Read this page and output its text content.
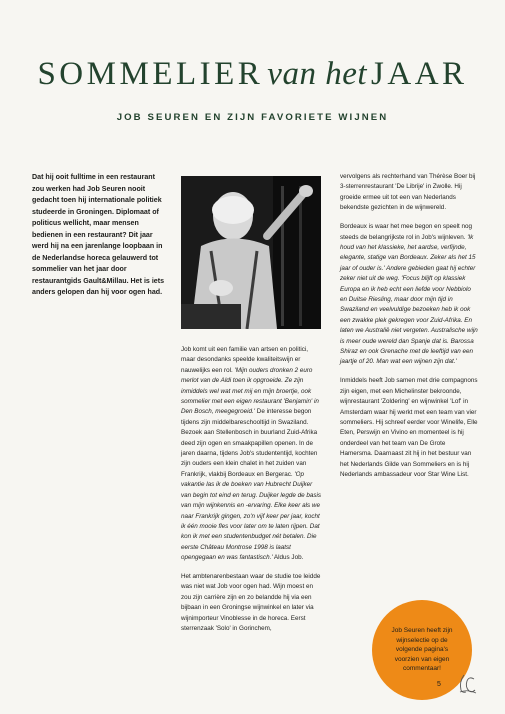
SOMMELIER van het JAAR
JOB SEUREN EN ZIJN FAVORIETE WIJNEN
Dat hij ooit fulltime in een restaurant zou werken had Job Seuren nooit gedacht toen hij internationale politiek studeerde in Groningen. Diplomaat of politicus wellicht, maar mensen bedienen in een restaurant? Dit jaar werd hij na een jarenlange loopbaan in de Nederlandse horeca gelauwerd tot sommelier van het jaar door restaurantgids Gault&Millau. Het is iets anders gelopen dan hij voor ogen had.

Job komt uit een familie van artsen en politici, maar desondanks speelde kwaliteitswijn er nauwelijks een rol. 'Mijn ouders dronken 2 euro merlot van de Aldi toen ik opgroeide. Ze zijn inmiddels wel wat met mij en mijn broertje, ook sommelier met een eigen restaurant 'Benjamin' in Den Bosch, meegegroeid.' De interesse begon tijdens zijn middelbareschooltijd in Swaziland. Bezoek aan Stellenbosch in buurland Zuid-Afrika deed zijn ogen en smaakpapillen openen. In de jaren daarna, tijdens Job's studententijd, kochten zijn ouders een klein chalet in het zuiden van Frankrijk, vlakbij Bordeaux en Bergerac. 'Op vakantie las ik de boeken van Hubrecht Duijker van begin tot eind en terug. Duijker legde de basis van mijn wijnkennis en -ervaring. Elke keer als we naar Frankrijk gingen, zo'n vijf keer per jaar, kocht ik één mooie fles voor later om te laten rijpen. Dat kon ik met een studentenbudget nét betalen. Die eerste Château Montrose 1998 is laatst opengegaan en was fantastisch.' Aldus Job.

Het ambtenarenbestaan waar de studie toe leidde was niet wat Job voor ogen had. Wijn moest en zou zijn carrière zijn en zo belandde hij via een bijbaan in een Groningse wijnwinkel en later via wijnimporteur Vinoblesse in de horeca. Eerst sterrenzaak 'Solo' in Gorinchem,

vervolgens als rechterhand van Thérèse Boer bij 3-sterrenrestaurant 'De Librije' in Zwolle. Hij groeide ermee uit tot een van Nederlands bekendste gezichten in de wijnwereld.

Bordeaux is waar het mee begon en speelt nog steeds de belangrijkste rol in Job's wijnleven. 'Ik houd van het klassieke, het aardse, verfijnde, elegante, statige van Bordeaux. Zeker als het 15 jaar of ouder is.' Andere gebieden gaat hij echter zeker niet uit de weg. 'Focus blijft op klassiek Europa en ik heb echt een liefde voor Nebbiolo en Duitse Riesling, maar door mijn tijd in Swaziland en veelvuldige bezoeken heb ik ook een zwakke plek gekregen voor Zuid-Afrika. En laten we Australië niet vergeten. Australische wijn is meer oude wereld dan Spanje dat is. Barossa Shiraz en ook Grenache met de leeftijd van een jaartje of 20. Man wat een wijnen zijn dat.'

Inmiddels heeft Job samen met drie compagnons zijn eigen, met een Michelinster bekroonde, wijnrestaurant 'Zoldering' en wijnwinkel 'Lof' in Amsterdam waar hij werkt met een team van vier sommeliers. Hij schreef eerder voor Winelife, Elle Eten, Perswijn en Vivino en momenteel is hij onderdeel van het team van De Grote Hamersma. Daarnaast zit hij in het bestuur van het Nederlands Gilde van Sommeliers en is hij Nederlands ambassadeur voor Star Wine List.

Job Seuren heeft zijn wijnselectie op de volgende pagina's voorzien van eigen commentaar!
5
